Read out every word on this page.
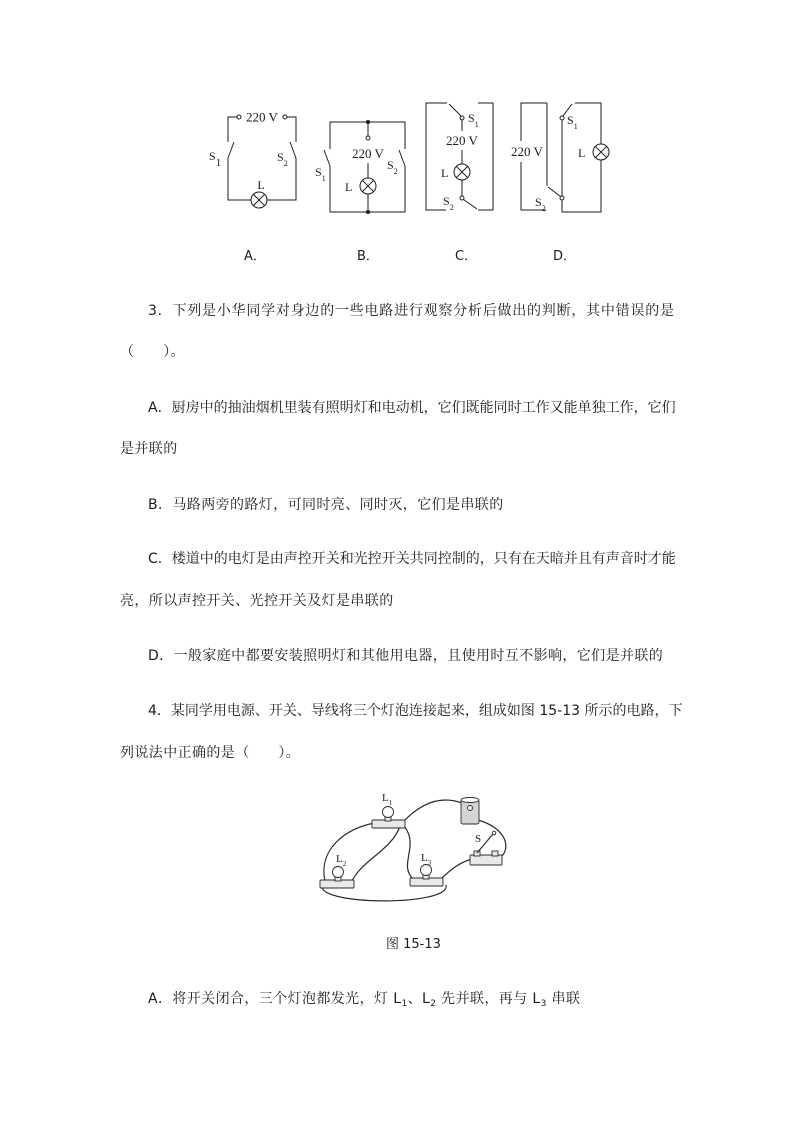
220 V
$S_1$	$S_2$
L
220 V
$S_1$
$S_2$
L
220 V
$S_1$
L
$S_2$
220 V
$S_1$
L
$S_2$
A．	B．	C．	D．
3．下列是小华同学对身边的一些电路进行观察分析后做出的判断，其中错误的是
（　　）。
A．厨房中的抽油烟机里装有照明灯和电动机，它们既能同时工作又能单独工作，它们
是并联的
B．马路两旁的路灯，可同时亮、同时灭，它们是串联的
C．楼道中的电灯是由声控开关和光控开关共同控制的，只有在天暗并且有声音时才能
亮，所以声控开关、光控开关及灯是串联的
D．一般家庭中都要安装照明灯和其他用电器，且使用时互不影响，它们是并联的
4．某同学用电源、开关、导线将三个灯泡连接起来，组成如图 15-13 所示的电路，下
列说法中正确的是（　　）。
$L_1$
$L_2$	$L_3$
S
图 15-13
A．将开关闭合，三个灯泡都发光，灯 $L_1$、$L_2$ 先并联，再与 $L_3$ 串联
